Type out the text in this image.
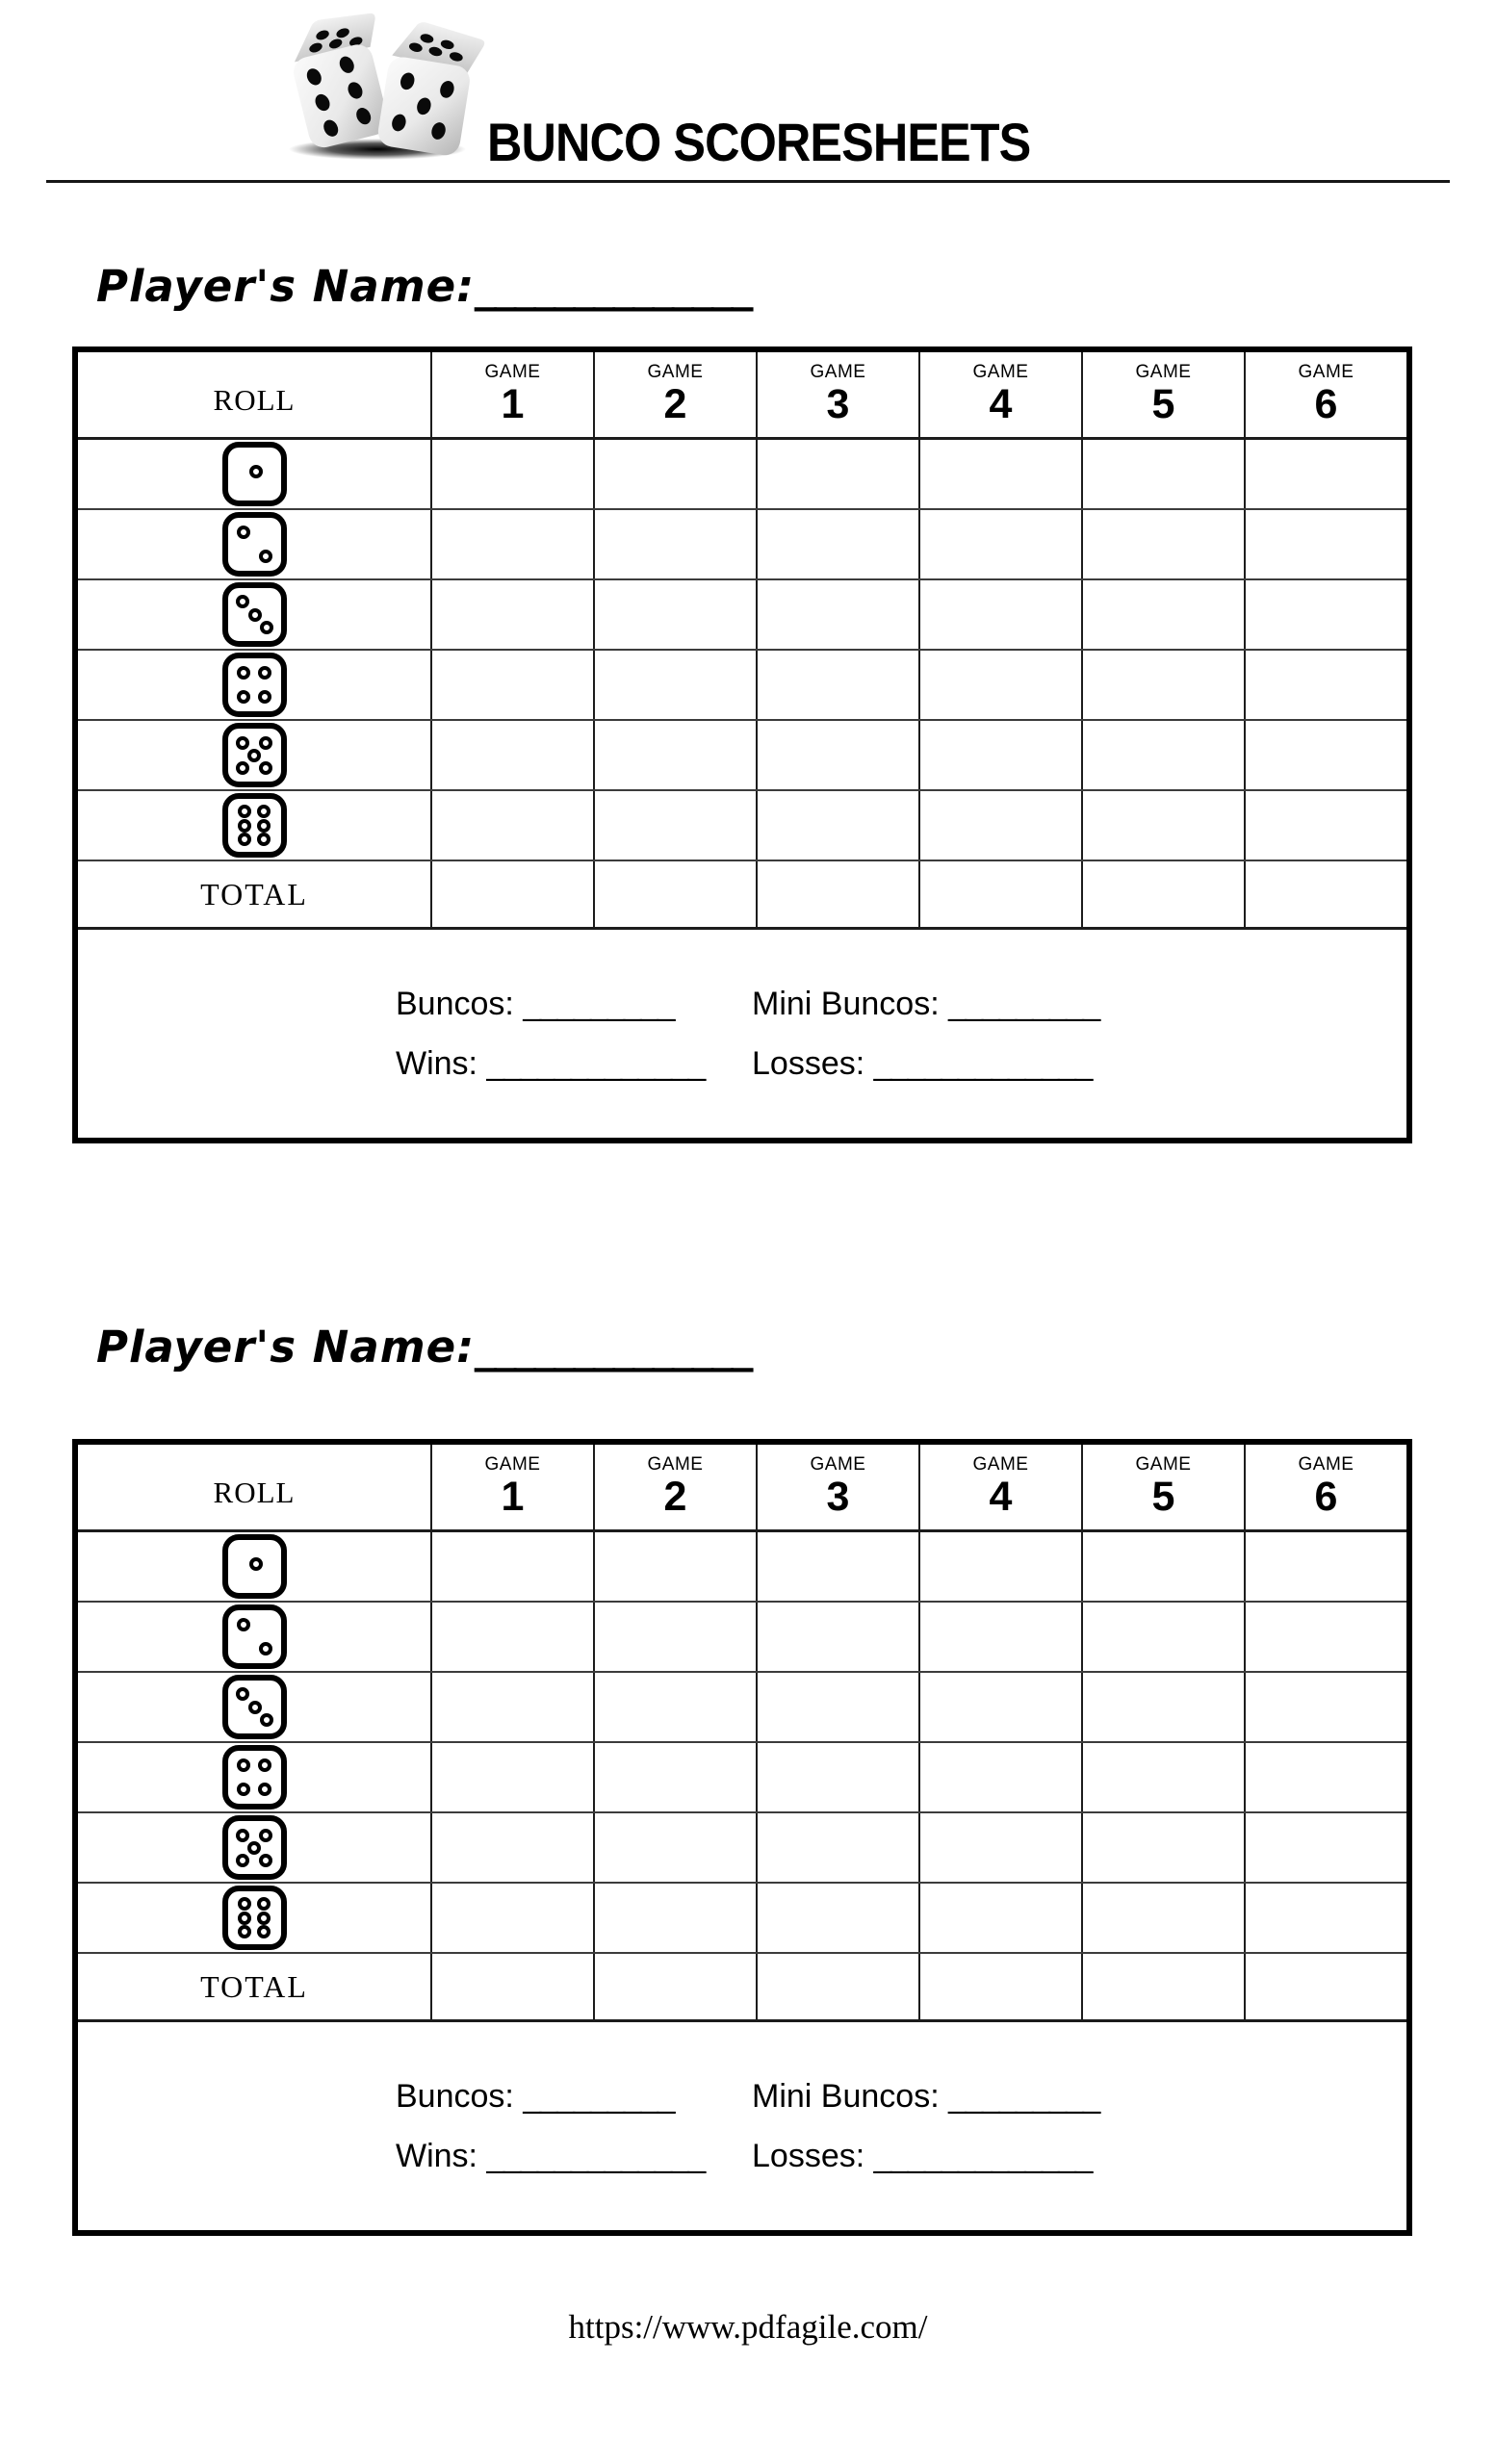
BUNCO SCORESHEETS
Player's Name:______________
ROLL
GAME
1
GAME
2
GAME
3
GAME
4
GAME
5
GAME
6
TOTAL
Buncos: _________ Mini Buncos: _________
Wins: _____________ Losses: _____________
Player's Name:______________
ROLL
GAME
1
GAME
2
GAME
3
GAME
4
GAME
5
GAME
6
TOTAL
Buncos: _________ Mini Buncos: _________
Wins: _____________ Losses: _____________
https://www.pdfagile.com/
